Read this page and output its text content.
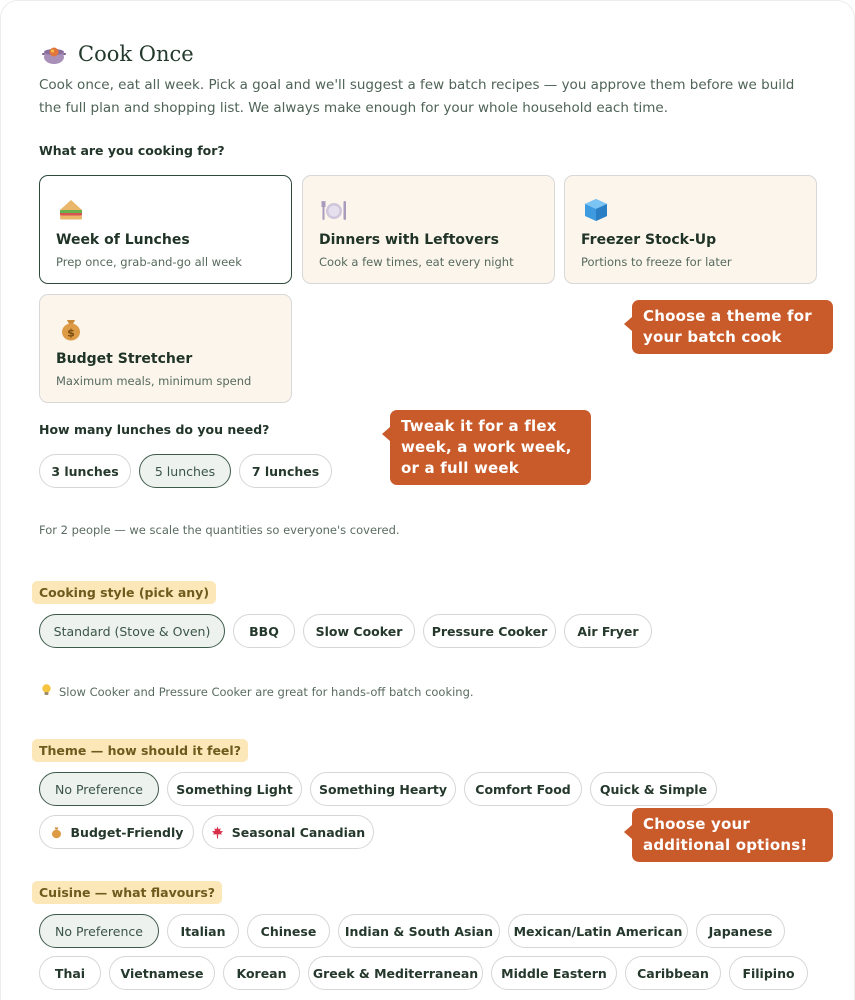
Cook Once

Cook once, eat all week. Pick a goal and we'll suggest a few batch recipes — you approve them before we build the full plan and shopping list. We always make enough for your whole household each time.

What are you cooking for?
Week of Lunches
Prep once, grab-and-go all week
Dinners with Leftovers
Cook a few times, eat every night
Freezer Stock-Up
Portions to freeze for later
$
Budget Stretcher
Maximum meals, minimum spend
Choose a theme for your batch cook
How many lunches do you need?
3 lunches	5 lunches	7 lunches
Tweak it for a flex week, a work week, or a full week
For 2 people — we scale the quantities so everyone's covered.
Cooking style (pick any)
Standard (Stove & Oven)	BBQ	Slow Cooker	Pressure Cooker	Air Fryer
Slow Cooker and Pressure Cooker are great for hands-off batch cooking.
Theme — how should it feel?
No Preference	Something Light	Something Hearty	Comfort Food	Quick & Simple
Budget-Friendly	Seasonal Canadian	Choose your additional options!
Cuisine — what flavours?
No Preference	Italian	Chinese	Indian & South Asian	Mexican/Latin American	Japanese
Thai	Vietnamese	Korean	Greek & Mediterranean	Middle Eastern	Caribbean	Filipino
